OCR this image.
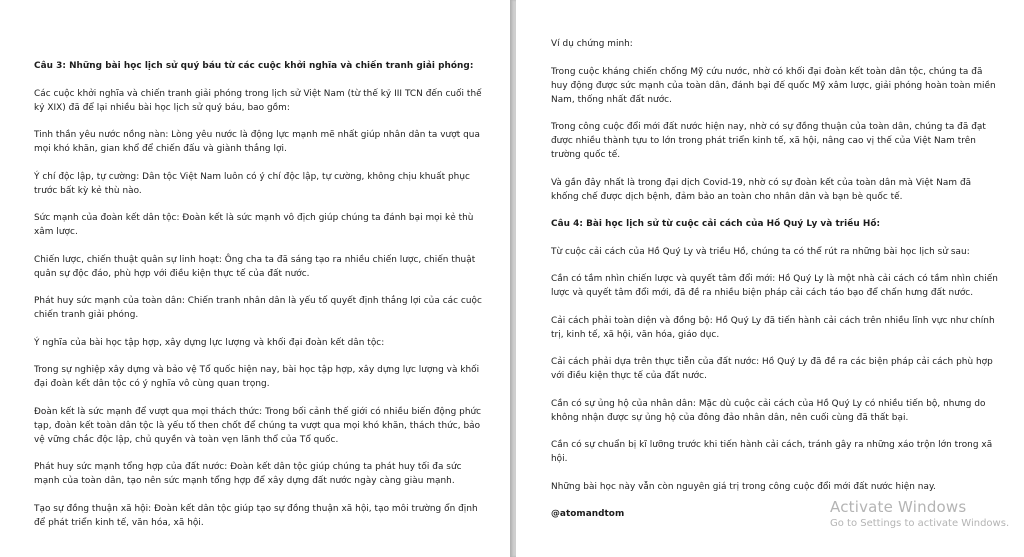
Câu 3: Những bài học lịch sử quý báu từ các cuộc khởi nghĩa và chiến tranh giải phóng:

Các cuộc khởi nghĩa và chiến tranh giải phóng trong lịch sử Việt Nam (từ thế kỷ III TCN đến cuối thế kỷ XIX) đã để lại nhiều bài học lịch sử quý báu, bao gồm:

Tinh thần yêu nước nồng nàn: Lòng yêu nước là động lực mạnh mẽ nhất giúp nhân dân ta vượt qua mọi khó khăn, gian khổ để chiến đấu và giành thắng lợi.

Ý chí độc lập, tự cường: Dân tộc Việt Nam luôn có ý chí độc lập, tự cường, không chịu khuất phục trước bất kỳ kẻ thù nào.

Sức mạnh của đoàn kết dân tộc: Đoàn kết là sức mạnh vô địch giúp chúng ta đánh bại mọi kẻ thù xâm lược.

Chiến lược, chiến thuật quân sự linh hoạt: Ông cha ta đã sáng tạo ra nhiều chiến lược, chiến thuật quân sự độc đáo, phù hợp với điều kiện thực tế của đất nước.

Phát huy sức mạnh của toàn dân: Chiến tranh nhân dân là yếu tố quyết định thắng lợi của các cuộc chiến tranh giải phóng.

Ý nghĩa của bài học tập hợp, xây dựng lực lượng và khối đại đoàn kết dân tộc:

Trong sự nghiệp xây dựng và bảo vệ Tổ quốc hiện nay, bài học tập hợp, xây dựng lực lượng và khối đại đoàn kết dân tộc có ý nghĩa vô cùng quan trọng.

Đoàn kết là sức mạnh để vượt qua mọi thách thức: Trong bối cảnh thế giới có nhiều biến động phức tạp, đoàn kết toàn dân tộc là yếu tố then chốt để chúng ta vượt qua mọi khó khăn, thách thức, bảo vệ vững chắc độc lập, chủ quyền và toàn vẹn lãnh thổ của Tổ quốc.

Phát huy sức mạnh tổng hợp của đất nước: Đoàn kết dân tộc giúp chúng ta phát huy tối đa sức mạnh của toàn dân, tạo nên sức mạnh tổng hợp để xây dựng đất nước ngày càng giàu mạnh.

Tạo sự đồng thuận xã hội: Đoàn kết dân tộc giúp tạo sự đồng thuận xã hội, tạo môi trường ổn định để phát triển kinh tế, văn hóa, xã hội.

Ví dụ chứng minh:

Trong cuộc kháng chiến chống Mỹ cứu nước, nhờ có khối đại đoàn kết toàn dân tộc, chúng ta đã huy động được sức mạnh của toàn dân, đánh bại đế quốc Mỹ xâm lược, giải phóng hoàn toàn miền Nam, thống nhất đất nước.

Trong công cuộc đổi mới đất nước hiện nay, nhờ có sự đồng thuận của toàn dân, chúng ta đã đạt được nhiều thành tựu to lớn trong phát triển kinh tế, xã hội, nâng cao vị thế của Việt Nam trên trường quốc tế.

Và gần đây nhất là trong đại dịch Covid-19, nhờ có sự đoàn kết của toàn dân mà Việt Nam đã khống chế được dịch bệnh, đảm bảo an toàn cho nhân dân và bạn bè quốc tế.

Câu 4: Bài học lịch sử từ cuộc cải cách của Hồ Quý Ly và triều Hồ:

Từ cuộc cải cách của Hồ Quý Ly và triều Hồ, chúng ta có thể rút ra những bài học lịch sử sau:

Cần có tầm nhìn chiến lược và quyết tâm đổi mới: Hồ Quý Ly là một nhà cải cách có tầm nhìn chiến lược và quyết tâm đổi mới, đã đề ra nhiều biện pháp cải cách táo bạo để chấn hưng đất nước.

Cải cách phải toàn diện và đồng bộ: Hồ Quý Ly đã tiến hành cải cách trên nhiều lĩnh vực như chính trị, kinh tế, xã hội, văn hóa, giáo dục.

Cải cách phải dựa trên thực tiễn của đất nước: Hồ Quý Ly đã đề ra các biện pháp cải cách phù hợp với điều kiện thực tế của đất nước.

Cần có sự ủng hộ của nhân dân: Mặc dù cuộc cải cách của Hồ Quý Ly có nhiều tiến bộ, nhưng do không nhận được sự ủng hộ của đông đảo nhân dân, nên cuối cùng đã thất bại.

Cần có sự chuẩn bị kĩ lưỡng trước khi tiến hành cải cách, tránh gây ra những xáo trộn lớn trong xã hội.

Những bài học này vẫn còn nguyên giá trị trong công cuộc đổi mới đất nước hiện nay.

@atomandtom	Activate Windows
Go to Settings to activate Windows.
